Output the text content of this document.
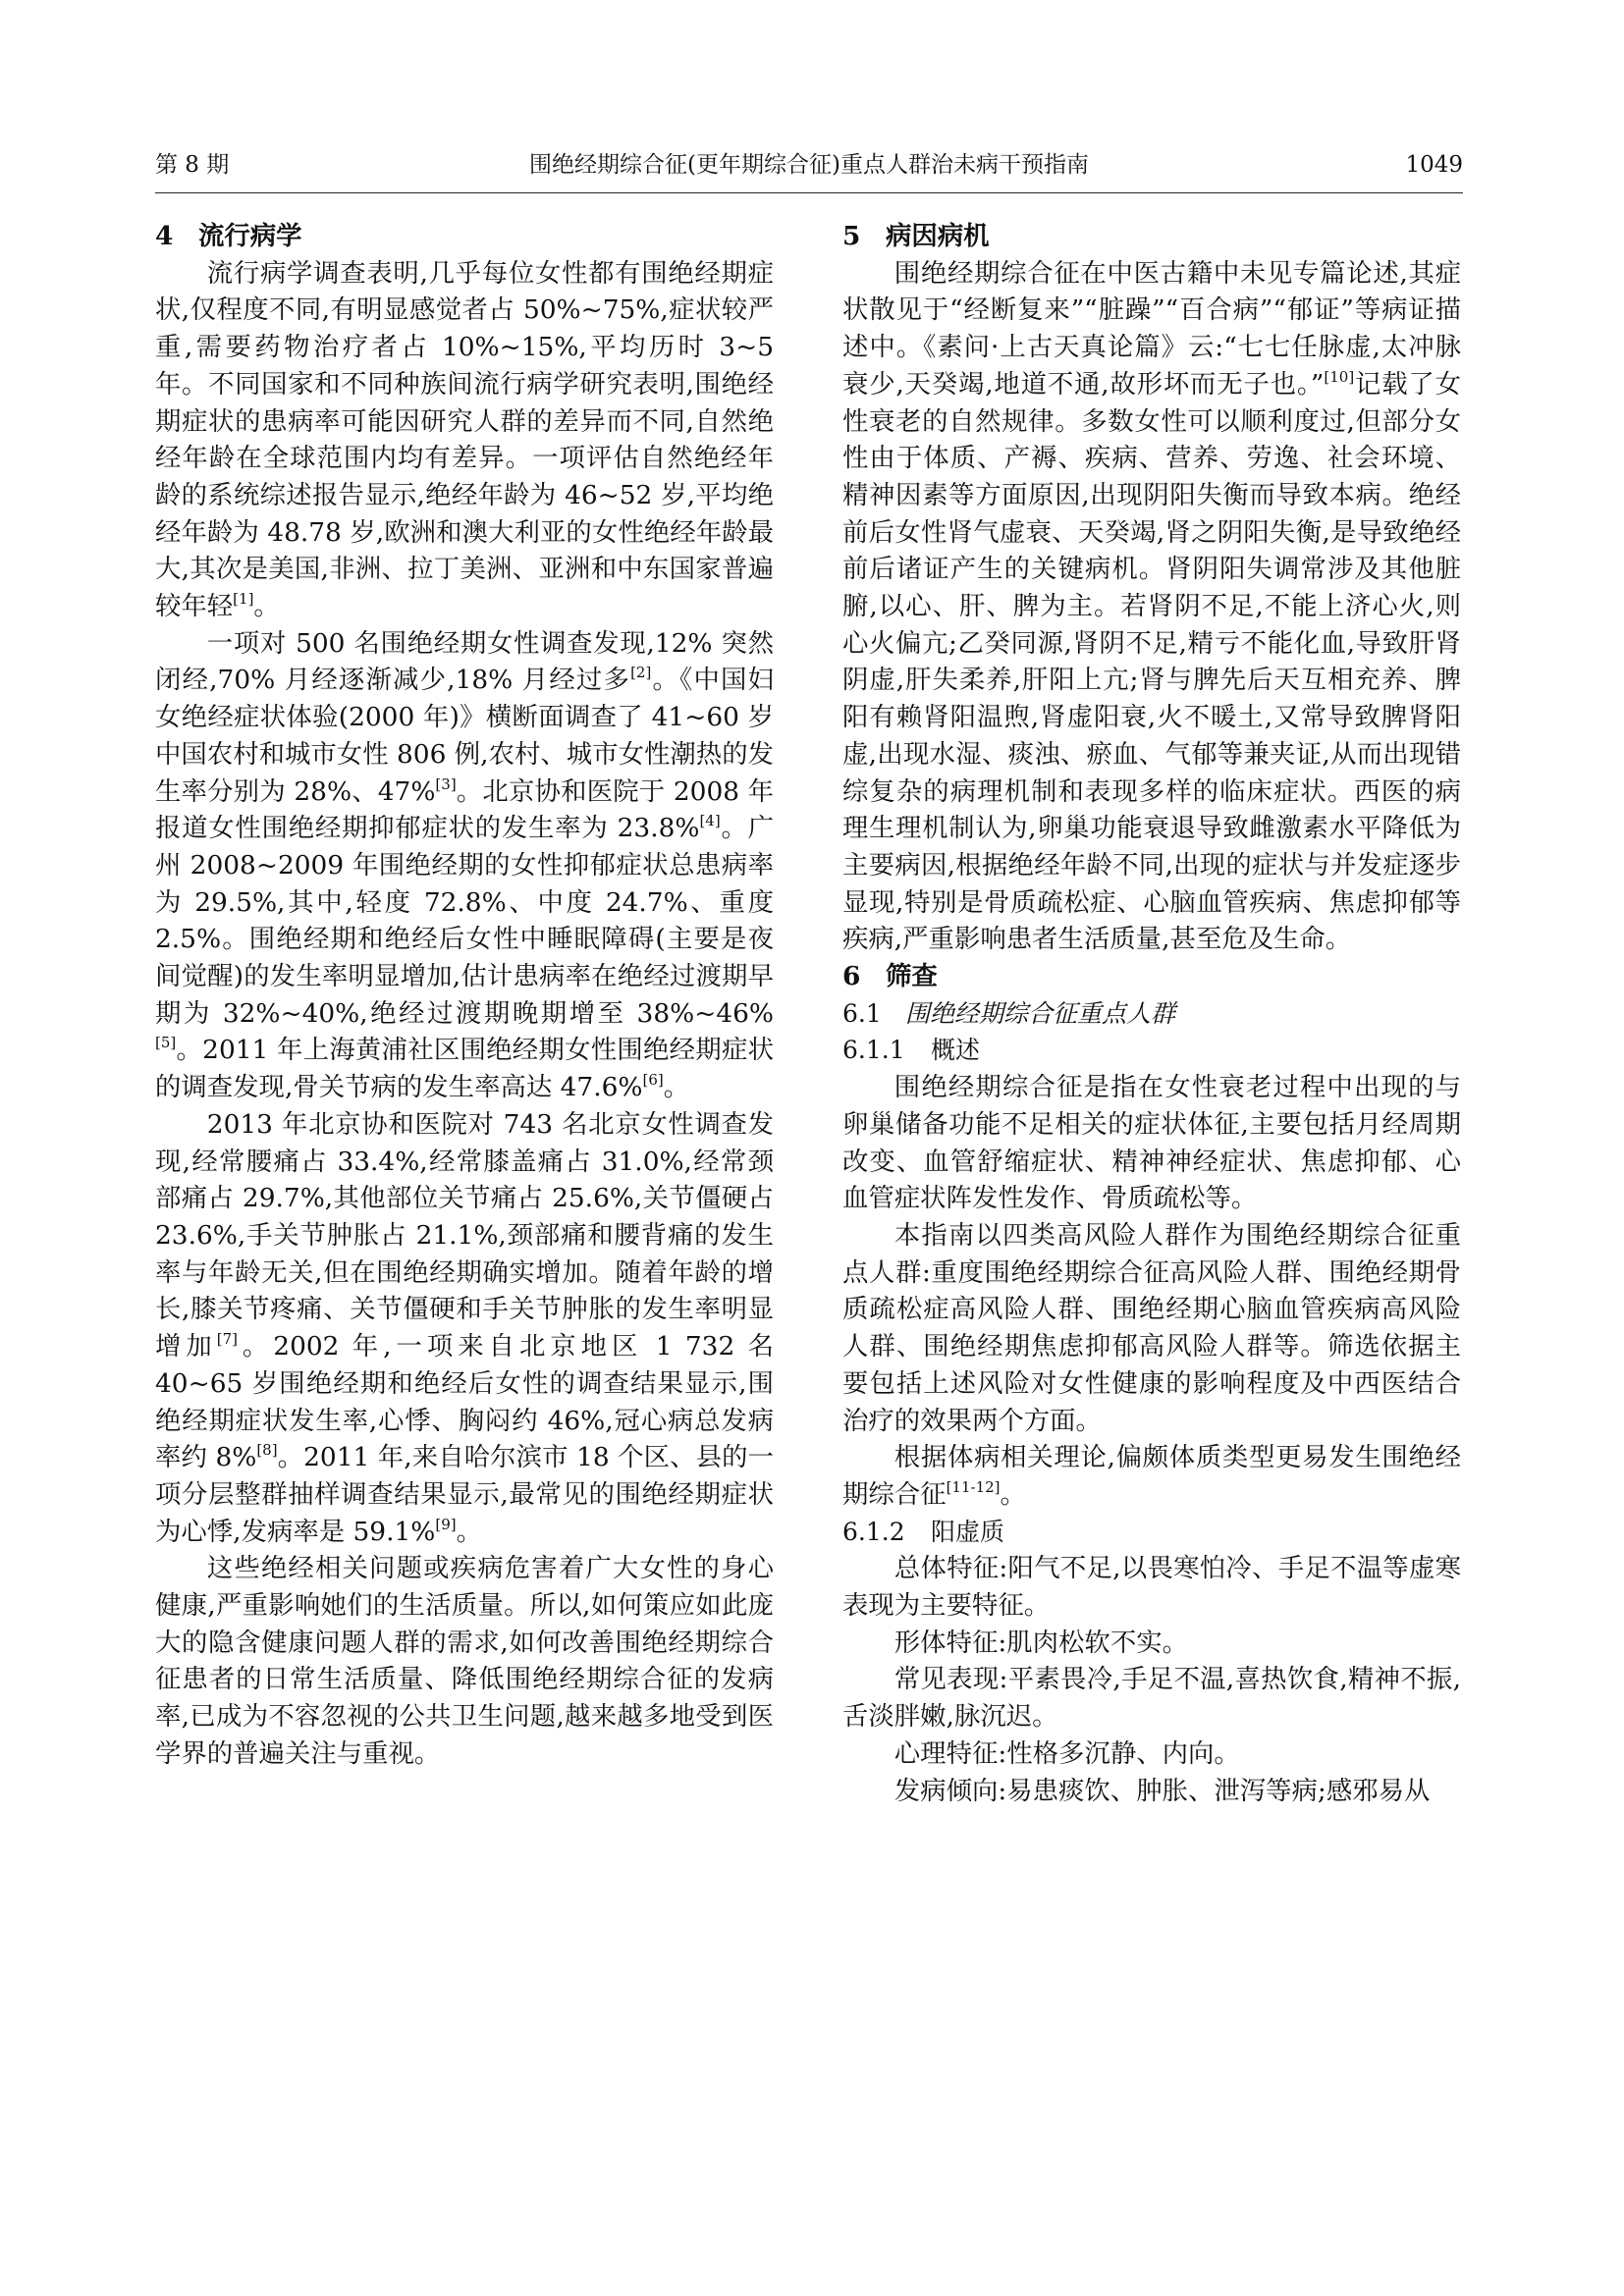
第 8 期	围绝经期综合征(更年期综合征)重点人群治未病干预指南	1049
4 流行病学

流行病学调查表明,几乎每位女性都有围绝经期症状,仅程度不同,有明显感觉者占 50%~75%,症状较严重,需要药物治疗者占 10%~15%,平均历时 3~5 年。不同国家和不同种族间流行病学研究表明,围绝经期症状的患病率可能因研究人群的差异而不同,自然绝经年龄在全球范围内均有差异。一项评估自然绝经年龄的系统综述报告显示,绝经年龄为 46~52 岁,平均绝经年龄为 48.78 岁,欧洲和澳大利亚的女性绝经年龄最大,其次是美国,非洲、拉丁美洲、亚洲和中东国家普遍较年轻[1]。

一项对 500 名围绝经期女性调查发现,12% 突然闭经,70% 月经逐渐减少,18% 月经过多[2]。《中国妇女绝经症状体验(2000 年)》横断面调查了 41~60 岁中国农村和城市女性 806 例,农村、城市女性潮热的发生率分别为 28%、47%[3]。北京协和医院于 2008 年报道女性围绝经期抑郁症状的发生率为 23.8%[4]。广州 2008~2009 年围绝经期的女性抑郁症状总患病率为 29.5%,其中,轻度 72.8%、中度 24.7%、重度 2.5%。围绝经期和绝经后女性中睡眠障碍(主要是夜间觉醒)的发生率明显增加,估计患病率在绝经过渡期早期为 32%~40%,绝经过渡期晚期增至 38%~46%[5]。2011 年上海黄浦社区围绝经期女性围绝经期症状的调查发现,骨关节病的发生率高达 47.6%[6]。

2013 年北京协和医院对 743 名北京女性调查发现,经常腰痛占 33.4%,经常膝盖痛占 31.0%,经常颈部痛占 29.7%,其他部位关节痛占 25.6%,关节僵硬占 23.6%,手关节肿胀占 21.1%,颈部痛和腰背痛的发生率与年龄无关,但在围绝经期确实增加。随着年龄的增长,膝关节疼痛、关节僵硬和手关节肿胀的发生率明显增加[7]。2002 年,一项来自北京地区 1 732 名 40~65 岁围绝经期和绝经后女性的调查结果显示,围绝经期症状发生率,心悸、胸闷约 46%,冠心病总发病率约 8%[8]。2011 年,来自哈尔滨市 18 个区、县的一项分层整群抽样调查结果显示,最常见的围绝经期症状为心悸,发病率是 59.1%[9]。

这些绝经相关问题或疾病危害着广大女性的身心健康,严重影响她们的生活质量。所以,如何策应如此庞大的隐含健康问题人群的需求,如何改善围绝经期综合征患者的日常生活质量、降低围绝经期综合征的发病率,已成为不容忽视的公共卫生问题,越来越多地受到医学界的普遍关注与重视。

5 病因病机

围绝经期综合征在中医古籍中未见专篇论述,其症状散见于“经断复来”“脏躁”“百合病”“郁证”等病证描述中。《素问·上古天真论篇》云:“七七任脉虚,太冲脉衰少,天癸竭,地道不通,故形坏而无子也。”[10]记载了女性衰老的自然规律。多数女性可以顺利度过,但部分女性由于体质、产褥、疾病、营养、劳逸、社会环境、精神因素等方面原因,出现阴阳失衡而导致本病。绝经前后女性肾气虚衰、天癸竭,肾之阴阳失衡,是导致绝经前后诸证产生的关键病机。肾阴阳失调常涉及其他脏腑,以心、肝、脾为主。若肾阴不足,不能上济心火,则心火偏亢;乙癸同源,肾阴不足,精亏不能化血,导致肝肾阴虚,肝失柔养,肝阳上亢;肾与脾先后天互相充养、脾阳有赖肾阳温煦,肾虚阳衰,火不暖土,又常导致脾肾阳虚,出现水湿、痰浊、瘀血、气郁等兼夹证,从而出现错综复杂的病理机制和表现多样的临床症状。西医的病理生理机制认为,卵巢功能衰退导致雌激素水平降低为主要病因,根据绝经年龄不同,出现的症状与并发症逐步显现,特别是骨质疏松症、心脑血管疾病、焦虑抑郁等疾病,严重影响患者生活质量,甚至危及生命。

6 筛查
6.1 围绝经期综合征重点人群
6.1.1 概述

围绝经期综合征是指在女性衰老过程中出现的与卵巢储备功能不足相关的症状体征,主要包括月经周期改变、血管舒缩症状、精神神经症状、焦虑抑郁、心血管症状阵发性发作、骨质疏松等。

本指南以四类高风险人群作为围绝经期综合征重点人群:重度围绝经期综合征高风险人群、围绝经期骨质疏松症高风险人群、围绝经期心脑血管疾病高风险人群、围绝经期焦虑抑郁高风险人群等。筛选依据主要包括上述风险对女性健康的影响程度及中西医结合治疗的效果两个方面。

根据体病相关理论,偏颇体质类型更易发生围绝经期综合征[11-12]。

6.1.2 阳虚质

总体特征:阳气不足,以畏寒怕冷、手足不温等虚寒表现为主要特征。

形体特征:肌肉松软不实。

常见表现:平素畏冷,手足不温,喜热饮食,精神不振,舌淡胖嫩,脉沉迟。

心理特征:性格多沉静、内向。

发病倾向:易患痰饮、肿胀、泄泻等病;感邪易从
